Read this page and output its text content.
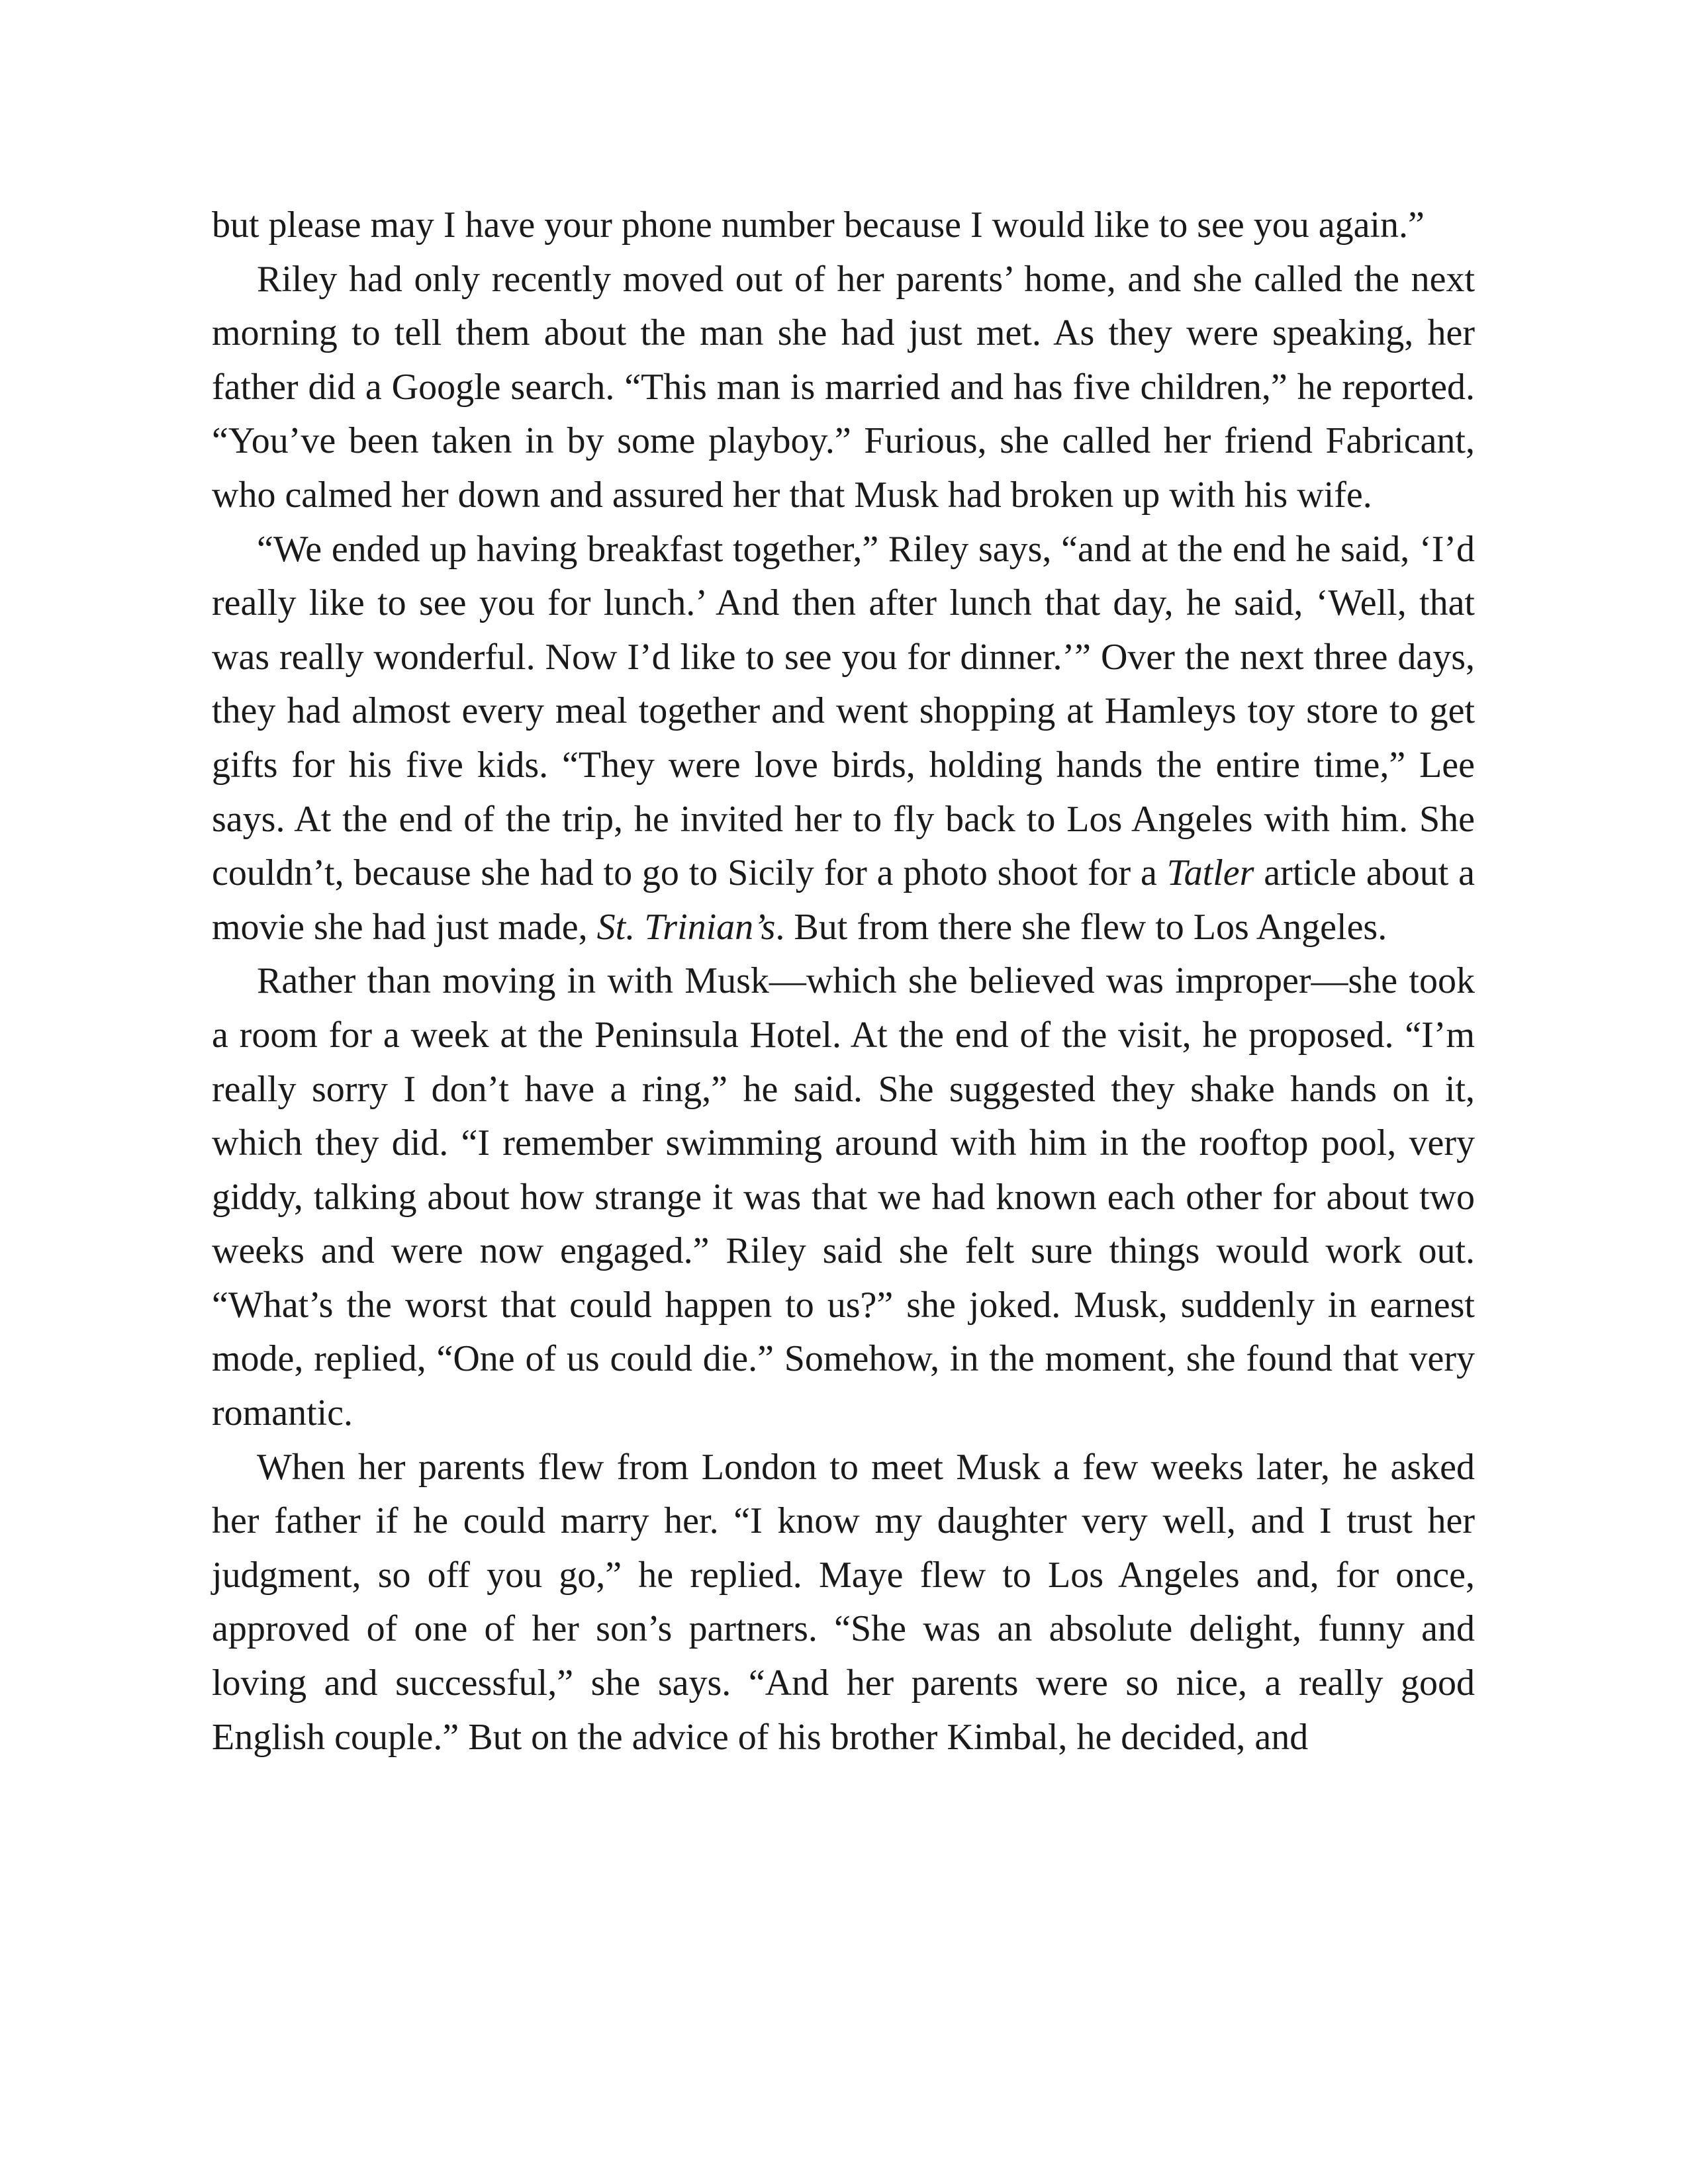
but please may I have your phone number because I would like to see you again.”

Riley had only recently moved out of her parents’ home, and she called the next morning to tell them about the man she had just met. As they were speaking, her father did a Google search. “This man is married and has five children,” he reported. “You’ve been taken in by some playboy.” Furious, she called her friend Fabricant, who calmed her down and assured her that Musk had broken up with his wife.

“We ended up having breakfast together,” Riley says, “and at the end he said, ‘I’d really like to see you for lunch.’ And then after lunch that day, he said, ‘Well, that was really wonderful. Now I’d like to see you for dinner.’” Over the next three days, they had almost every meal together and went shopping at Hamleys toy store to get gifts for his five kids. “They were love birds, holding hands the entire time,” Lee says. At the end of the trip, he invited her to fly back to Los Angeles with him. She couldn’t, because she had to go to Sicily for a photo shoot for a Tatler article about a movie she had just made, St. Trinian’s. But from there she flew to Los Angeles.

Rather than moving in with Musk—which she believed was improper—she took a room for a week at the Peninsula Hotel. At the end of the visit, he proposed. “I’m really sorry I don’t have a ring,” he said. She suggested they shake hands on it, which they did. “I remember swimming around with him in the rooftop pool, very giddy, talking about how strange it was that we had known each other for about two weeks and were now engaged.” Riley said she felt sure things would work out. “What’s the worst that could happen to us?” she joked. Musk, suddenly in earnest mode, replied, “One of us could die.” Somehow, in the moment, she found that very romantic.

When her parents flew from London to meet Musk a few weeks later, he asked her father if he could marry her. “I know my daughter very well, and I trust her judgment, so off you go,” he replied. Maye flew to Los Angeles and, for once, approved of one of her son’s partners. “She was an absolute delight, funny and loving and successful,” she says. “And her parents were so nice, a really good English couple.” But on the advice of his brother Kimbal, he decided, and
